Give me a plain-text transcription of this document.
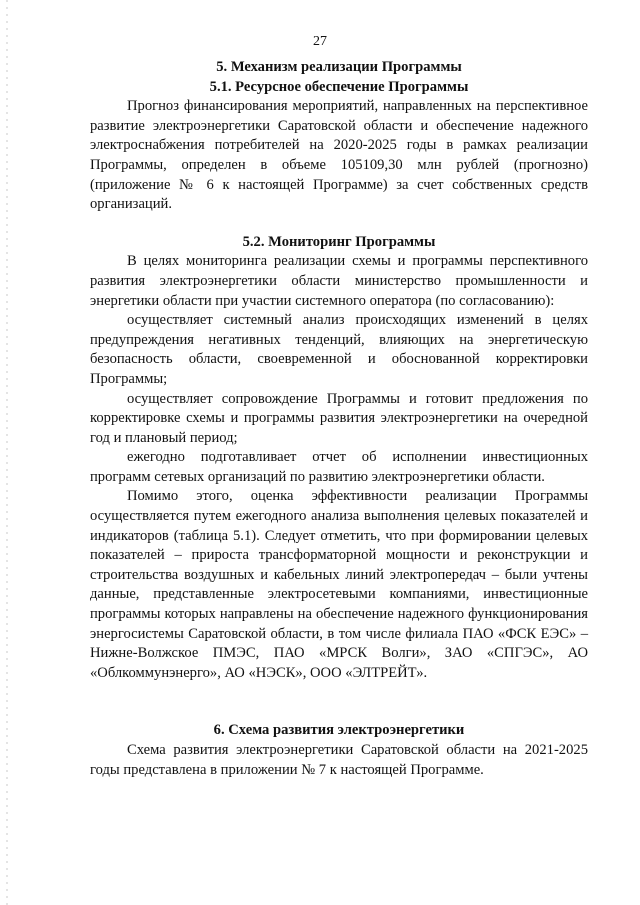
27

5. Механизм реализации Программы

5.1. Ресурсное обеспечение Программы

Прогноз финансирования мероприятий, направленных на перспективное развитие электроэнергетики Саратовской области и обеспечение надежного электроснабжения потребителей на 2020-2025 годы в рамках реализации Программы, определен в объеме 105109,30 млн рублей (прогнозно) (приложение № 6 к настоящей Программе) за счет собственных средств организаций.

5.2. Мониторинг Программы

В целях мониторинга реализации схемы и программы перспективного развития электроэнергетики области министерство промышленности и энергетики области при участии системного оператора (по согласованию):

осуществляет системный анализ происходящих изменений в целях предупреждения негативных тенденций, влияющих на энергетическую безопасность области, своевременной и обоснованной корректировки Программы;

осуществляет сопровождение Программы и готовит предложения по корректировке схемы и программы развития электроэнергетики на очередной год и плановый период;

ежегодно подготавливает отчет об исполнении инвестиционных программ сетевых организаций по развитию электроэнергетики области.

Помимо этого, оценка эффективности реализации Программы осуществляется путем ежегодного анализа выполнения целевых показателей и индикаторов (таблица 5.1). Следует отметить, что при формировании целевых показателей – прироста трансформаторной мощности и реконструкции и строительства воздушных и кабельных линий электропередач – были учтены данные, представленные электросетевыми компаниями, инвестиционные программы которых направлены на обеспечение надежного функционирования энергосистемы Саратовской области, в том числе филиала ПАО «ФСК ЕЭС» – Нижне-Волжское ПМЭС, ПАО «МРСК Волги», ЗАО «СПГЭС», АО «Облкоммунэнерго», АО «НЭСК», ООО «ЭЛТРЕЙТ».

6. Схема развития электроэнергетики

Схема развития электроэнергетики Саратовской области на 2021-2025 годы представлена в приложении № 7 к настоящей Программе.
